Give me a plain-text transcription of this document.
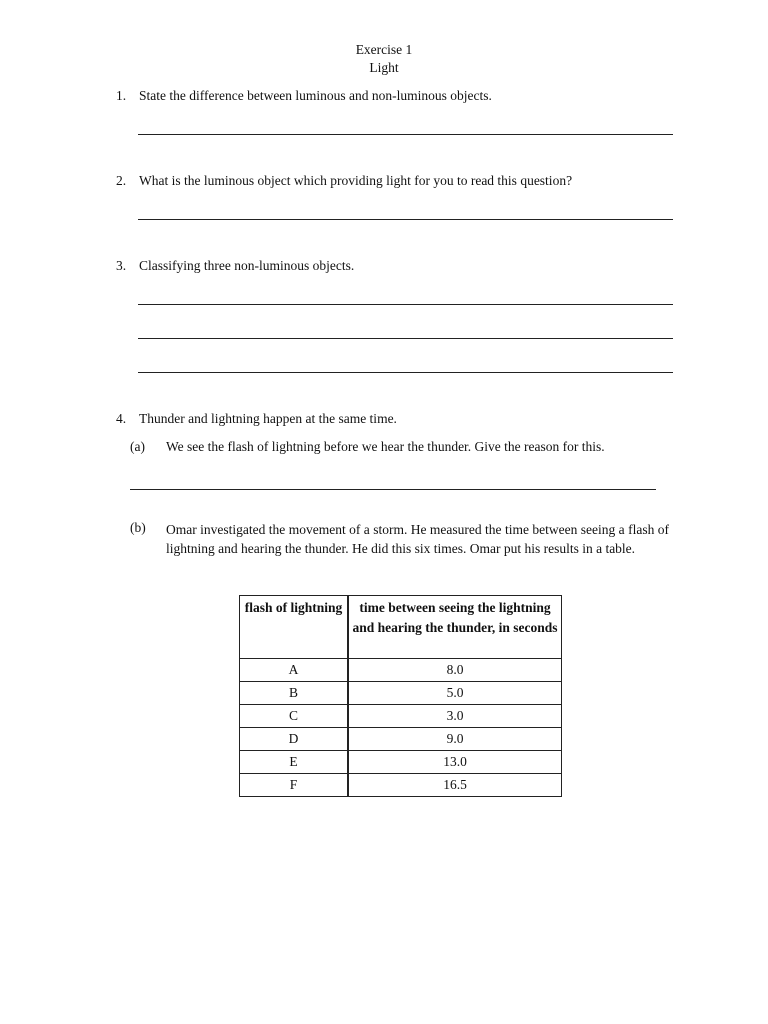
Exercise 1
Light
1. State the difference between luminous and non-luminous objects.
2. What is the luminous object which providing light for you to read this question?
3. Classifying three non-luminous objects.
4. Thunder and lightning happen at the same time.
(a) We see the flash of lightning before we hear the thunder. Give the reason for this.
(b) Omar investigated the movement of a storm. He measured the time between seeing a flash of lightning and hearing the thunder. He did this six times. Omar put his results in a table.
flash of lightning	time between seeing the lightning and hearing the thunder, in seconds
A	8.0
B	5.0
C	3.0
D	9.0
E	13.0
F	16.5
